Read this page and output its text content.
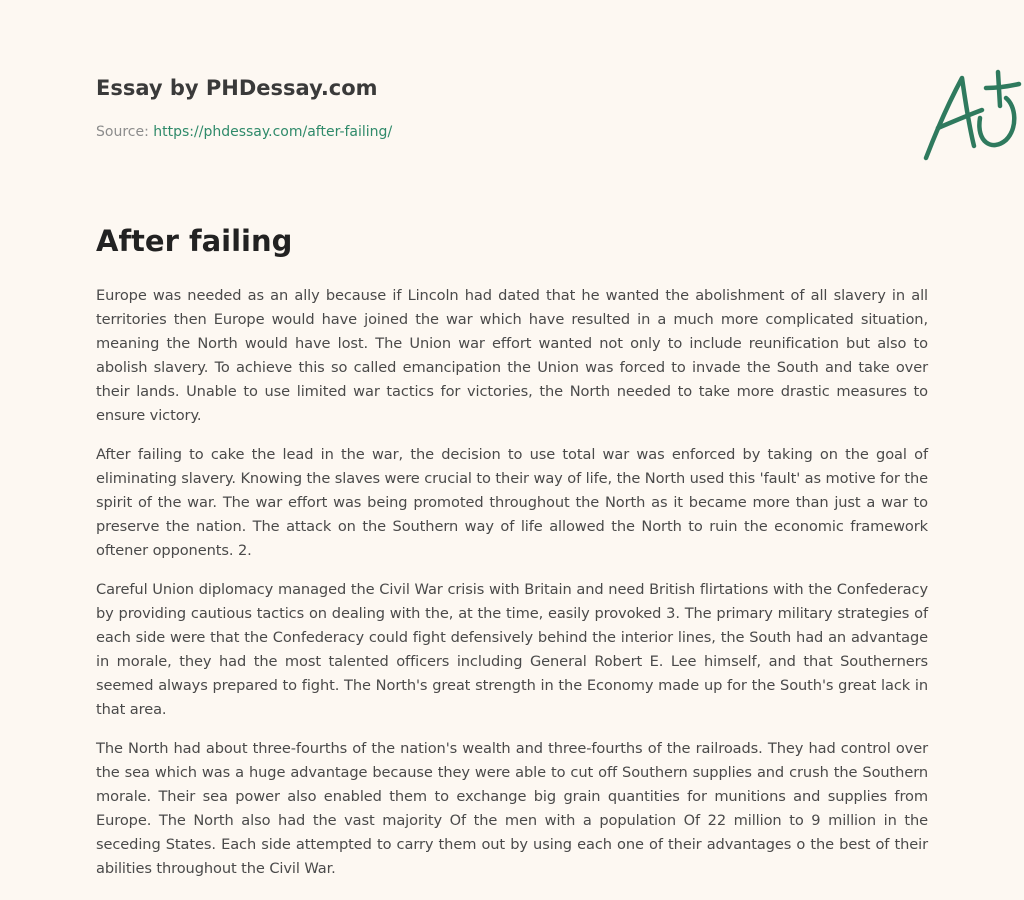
Essay by PHDessay.com
Source: https://phdessay.com/after-failing/
After failing

Europe was needed as an ally because if Lincoln had dated that he wanted the abolishment of all slavery in all territories then Europe would have joined the war which have resulted in a much more complicated situation, meaning the North would have lost. The Union war effort wanted not only to include reunification but also to abolish slavery. To achieve this so called emancipation the Union was forced to invade the South and take over their lands. Unable to use limited war tactics for victories, the North needed to take more drastic measures to ensure victory.

After failing to cake the lead in the war, the decision to use total war was enforced by taking on the goal of eliminating slavery. Knowing the slaves were crucial to their way of life, the North used this 'fault' as motive for the spirit of the war. The war effort was being promoted throughout the North as it became more than just a war to preserve the nation. The attack on the Southern way of life allowed the North to ruin the economic framework oftener opponents. 2.

Careful Union diplomacy managed the Civil War crisis with Britain and need British flirtations with the Confederacy by providing cautious tactics on dealing with the, at the time, easily provoked 3. The primary military strategies of each side were that the Confederacy could fight defensively behind the interior lines, the South had an advantage in morale, they had the most talented officers including General Robert E. Lee himself, and that Southerners seemed always prepared to fight. The North's great strength in the Economy made up for the South's great lack in that area.

The North had about three-fourths of the nation's wealth and three-fourths of the railroads. They had control over the sea which was a huge advantage because they were able to cut off Southern supplies and crush the Southern morale. Their sea power also enabled them to exchange big grain quantities for munitions and supplies from Europe. The North also had the vast majority Of the men with a population Of 22 million to 9 million in the seceding States. Each side attempted to carry them out by using each one of their advantages o the best of their abilities throughout the Civil War.
